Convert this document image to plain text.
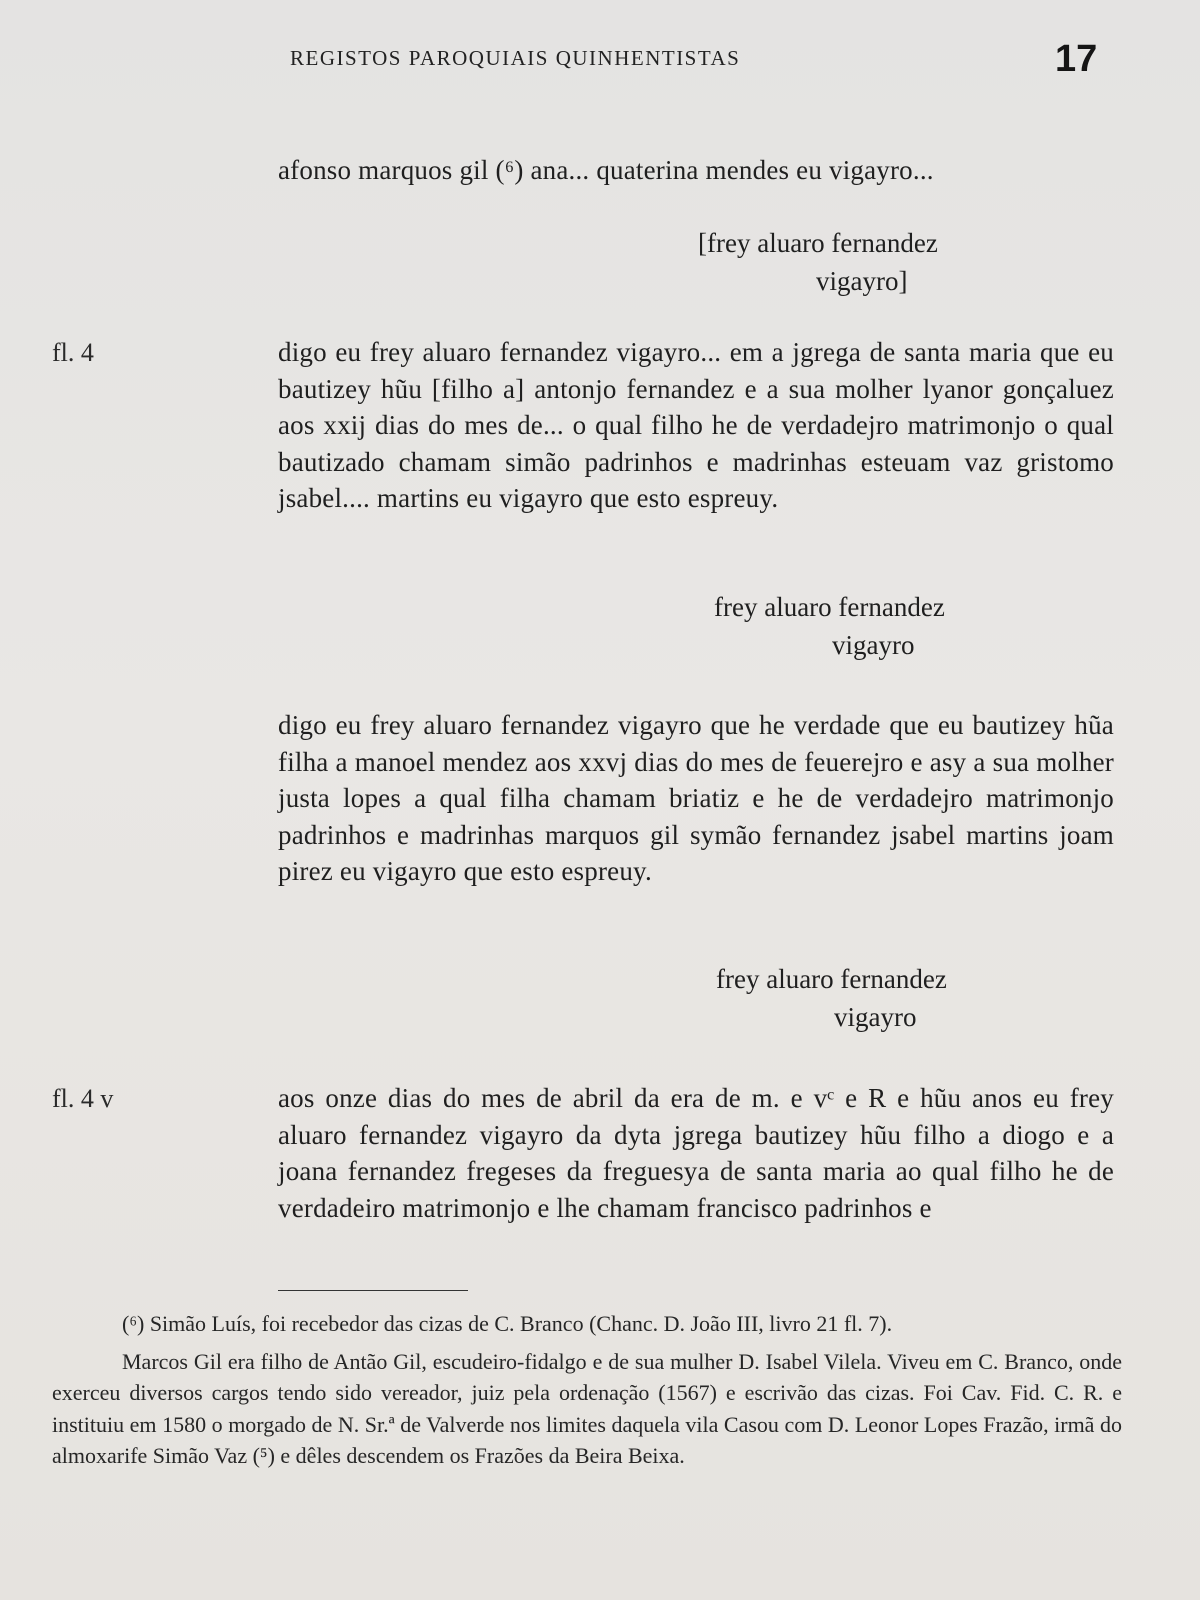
REGISTOS PAROQUIAIS QUINHENTISTAS	17

afonso marquos gil (⁶) ana... quaterina mendes eu vigayro...

[frey aluaro fernandez
vigayro]
fl. 4	digo eu frey aluaro fernandez vigayro... em a jgrega de santa maria que eu bautizey hũu [filho a] antonjo fernandez e a sua molher lyanor gonçaluez aos xxij dias do mes de... o qual filho he de verdadejro matrimonjo o qual bautizado chamam simão padrinhos e madrinhas esteuam vaz gristomo jsabel.... martins eu vigayro que esto espreuy.

frey aluaro fernandez
vigayro

digo eu frey aluaro fernandez vigayro que he verdade que eu bautizey hũa filha a manoel mendez aos xxvj dias do mes de feuerejro e asy a sua molher justa lopes a qual filha chamam briatiz e he de verdadejro matrimonjo padrinhos e madrinhas marquos gil symão fernandez jsabel martins joam pirez eu vigayro que esto espreuy.

frey aluaro fernandez
vigayro
fl. 4 v	aos onze dias do mes de abril da era de m. e vᶜ e R e hũu anos eu frey aluaro fernandez vigayro da dyta jgrega bautizey hũu filho a diogo e a joana fernandez fregeses da freguesya de santa maria ao qual filho he de verdadeiro matrimonjo e lhe chamam francisco padrinhos e

(⁶) Simão Luís, foi recebedor das cizas de C. Branco (Chanc. D. João III, livro 21 fl. 7).

Marcos Gil era filho de Antão Gil, escudeiro-fidalgo e de sua mulher D. Isabel Vilela. Viveu em C. Branco, onde exerceu diversos cargos tendo sido vereador, juiz pela ordenação (1567) e escrivão das cizas. Foi Cav. Fid. C. R. e instituiu em 1580 o morgado de N. Sr.ª de Valverde nos limites daquela vila Casou com D. Leonor Lopes Frazão, irmã do almoxarife Simão Vaz (⁵) e dêles descendem os Frazões da Beira Beixa.
